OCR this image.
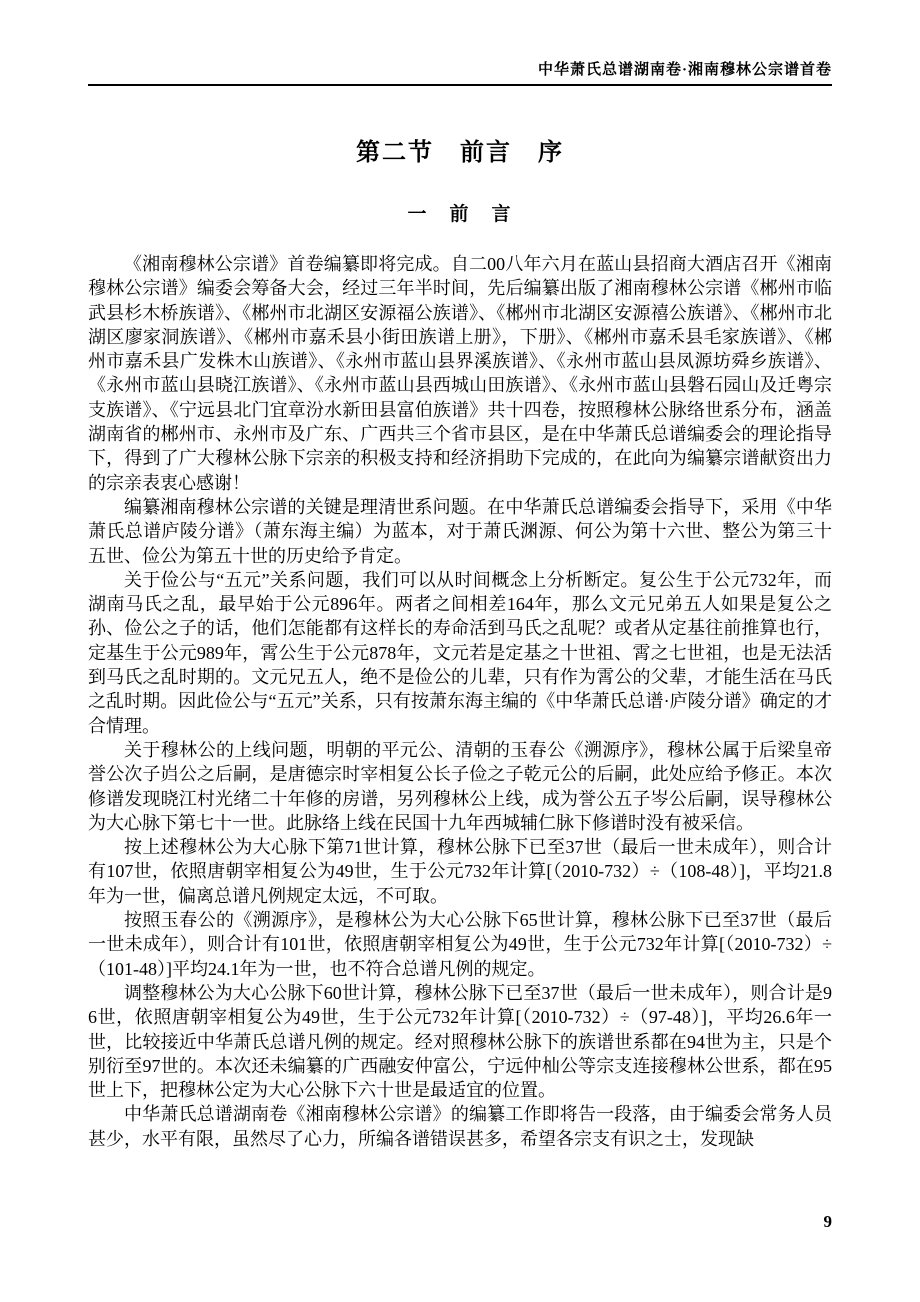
中华萧氏总谱湖南卷·湘南穆林公宗谱首卷
第二节　前言　序
一　前　言

《湘南穆林公宗谱》首卷编纂即将完成。自二00八年六月在蓝山县招商大酒店召开《湘南穆林公宗谱》编委会筹备大会，经过三年半时间，先后编纂出版了湘南穆林公宗谱《郴州市临武县杉木桥族谱》、《郴州市北湖区安源福公族谱》、《郴州市北湖区安源禧公族谱》、《郴州市北湖区廖家洞族谱》、《郴州市嘉禾县小街田族谱上册》，下册》、《郴州市嘉禾县毛家族谱》、《郴州市嘉禾县广发株木山族谱》、《永州市蓝山县界溪族谱》、《永州市蓝山县凤源坊舜乡族谱》、《永州市蓝山县晓江族谱》、《永州市蓝山县西城山田族谱》、《永州市蓝山县磐石园山及迁粤宗支族谱》、《宁远县北门宜章汾水新田县富伯族谱》共十四卷，按照穆林公脉络世系分布，涵盖湖南省的郴州市、永州市及广东、广西共三个省市县区，是在中华萧氏总谱编委会的理论指导下，得到了广大穆林公脉下宗亲的积极支持和经济捐助下完成的，在此向为编纂宗谱献资出力的宗亲表衷心感谢！

编纂湘南穆林公宗谱的关键是理清世系问题。在中华萧氏总谱编委会指导下，采用《中华萧氏总谱庐陵分谱》（萧东海主编）为蓝本，对于萧氏渊源、何公为第十六世、整公为第三十五世、俭公为第五十世的历史给予肯定。

关于俭公与“五元”关系问题，我们可以从时间概念上分析断定。复公生于公元732年，而湖南马氏之乱，最早始于公元896年。两者之间相差164年，那么文元兄弟五人如果是复公之孙、俭公之子的话，他们怎能都有这样长的寿命活到马氏之乱呢？或者从定基往前推算也行，定基生于公元989年，霄公生于公元878年，文元若是定基之十世祖、霄之七世祖，也是无法活到马氏之乱时期的。文元兄五人，绝不是俭公的儿辈，只有作为霄公的父辈，才能生活在马氏之乱时期。因此俭公与“五元”关系，只有按萧东海主编的《中华萧氏总谱·庐陵分谱》确定的才合情理。

关于穆林公的上线问题，明朝的平元公、清朝的玉春公《溯源序》，穆林公属于后梁皇帝誉公次子岿公之后嗣，是唐德宗时宰相复公长子俭之子乾元公的后嗣，此处应给予修正。本次修谱发现晓江村光绪二十年修的房谱，另列穆林公上线，成为誉公五子岑公后嗣，误导穆林公为大心脉下第七十一世。此脉络上线在民国十九年西城辅仁脉下修谱时没有被采信。

按上述穆林公为大心脉下第71世计算，穆林公脉下已至37世（最后一世未成年），则合计有107世，依照唐朝宰相复公为49世，生于公元732年计算[（2010-732）÷（108-48）]，平均21.8年为一世，偏离总谱凡例规定太远，不可取。

按照玉春公的《溯源序》，是穆林公为大心公脉下65世计算，穆林公脉下已至37世（最后一世未成年），则合计有101世，依照唐朝宰相复公为49世，生于公元732年计算[（2010-732）÷（101-48）]平均24.1年为一世，也不符合总谱凡例的规定。

调整穆林公为大心公脉下60世计算，穆林公脉下已至37世（最后一世未成年），则合计是96世，依照唐朝宰相复公为49世，生于公元732年计算[（2010-732）÷（97-48）]，平均26.6年一世，比较接近中华萧氏总谱凡例的规定。经对照穆林公脉下的族谱世系都在94世为主，只是个别衍至97世的。本次还未编纂的广西融安仲富公，宁远仲杣公等宗支连接穆林公世系，都在95世上下，把穆林公定为大心公脉下六十世是最适宜的位置。

中华萧氏总谱湖南卷《湘南穆林公宗谱》的编纂工作即将告一段落，由于编委会常务人员甚少，水平有限，虽然尽了心力，所编各谱错误甚多，希望各宗支有识之士，发现缺

9
